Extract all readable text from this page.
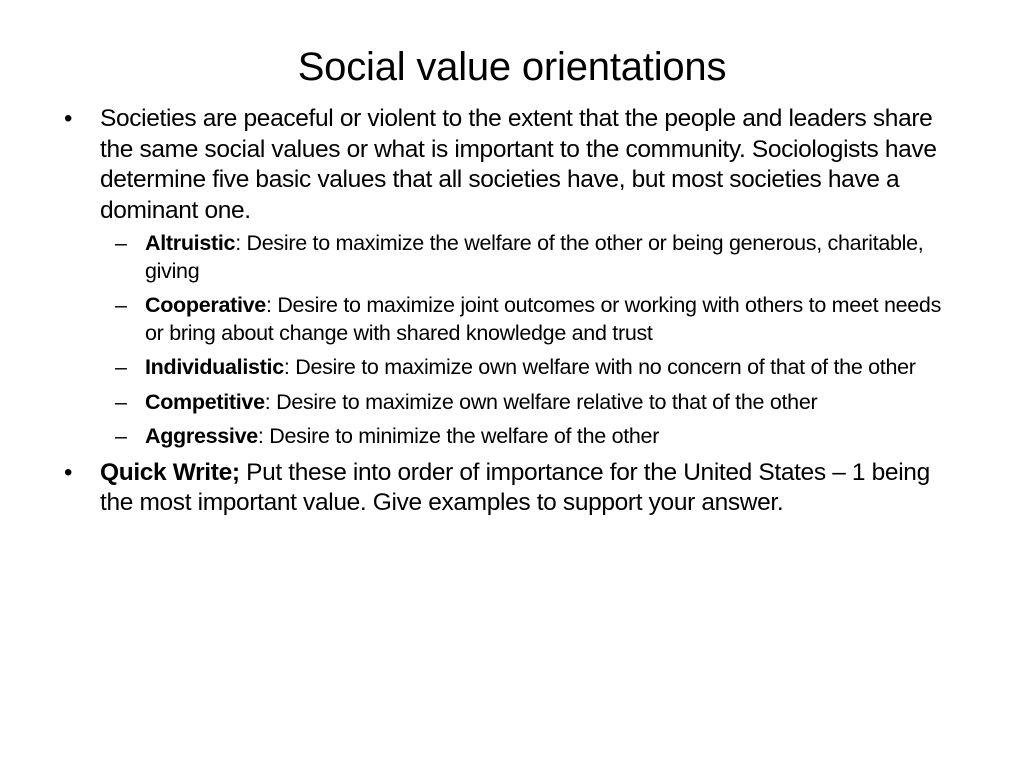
Social value orientations
• Societies are peaceful or violent to the extent that the people and leaders share the same social values or what is important to the community. Sociologists have determine five basic values that all societies have, but most societies have a dominant one.
– Altruistic: Desire to maximize the welfare of the other or being generous, charitable, giving
– Cooperative: Desire to maximize joint outcomes or working with others to meet needs or bring about change with shared knowledge and trust
– Individualistic: Desire to maximize own welfare with no concern of that of the other
– Competitive: Desire to maximize own welfare relative to that of the other
– Aggressive: Desire to minimize the welfare of the other
• Quick Write; Put these into order of importance for the United States – 1 being the most important value. Give examples to support your answer.
